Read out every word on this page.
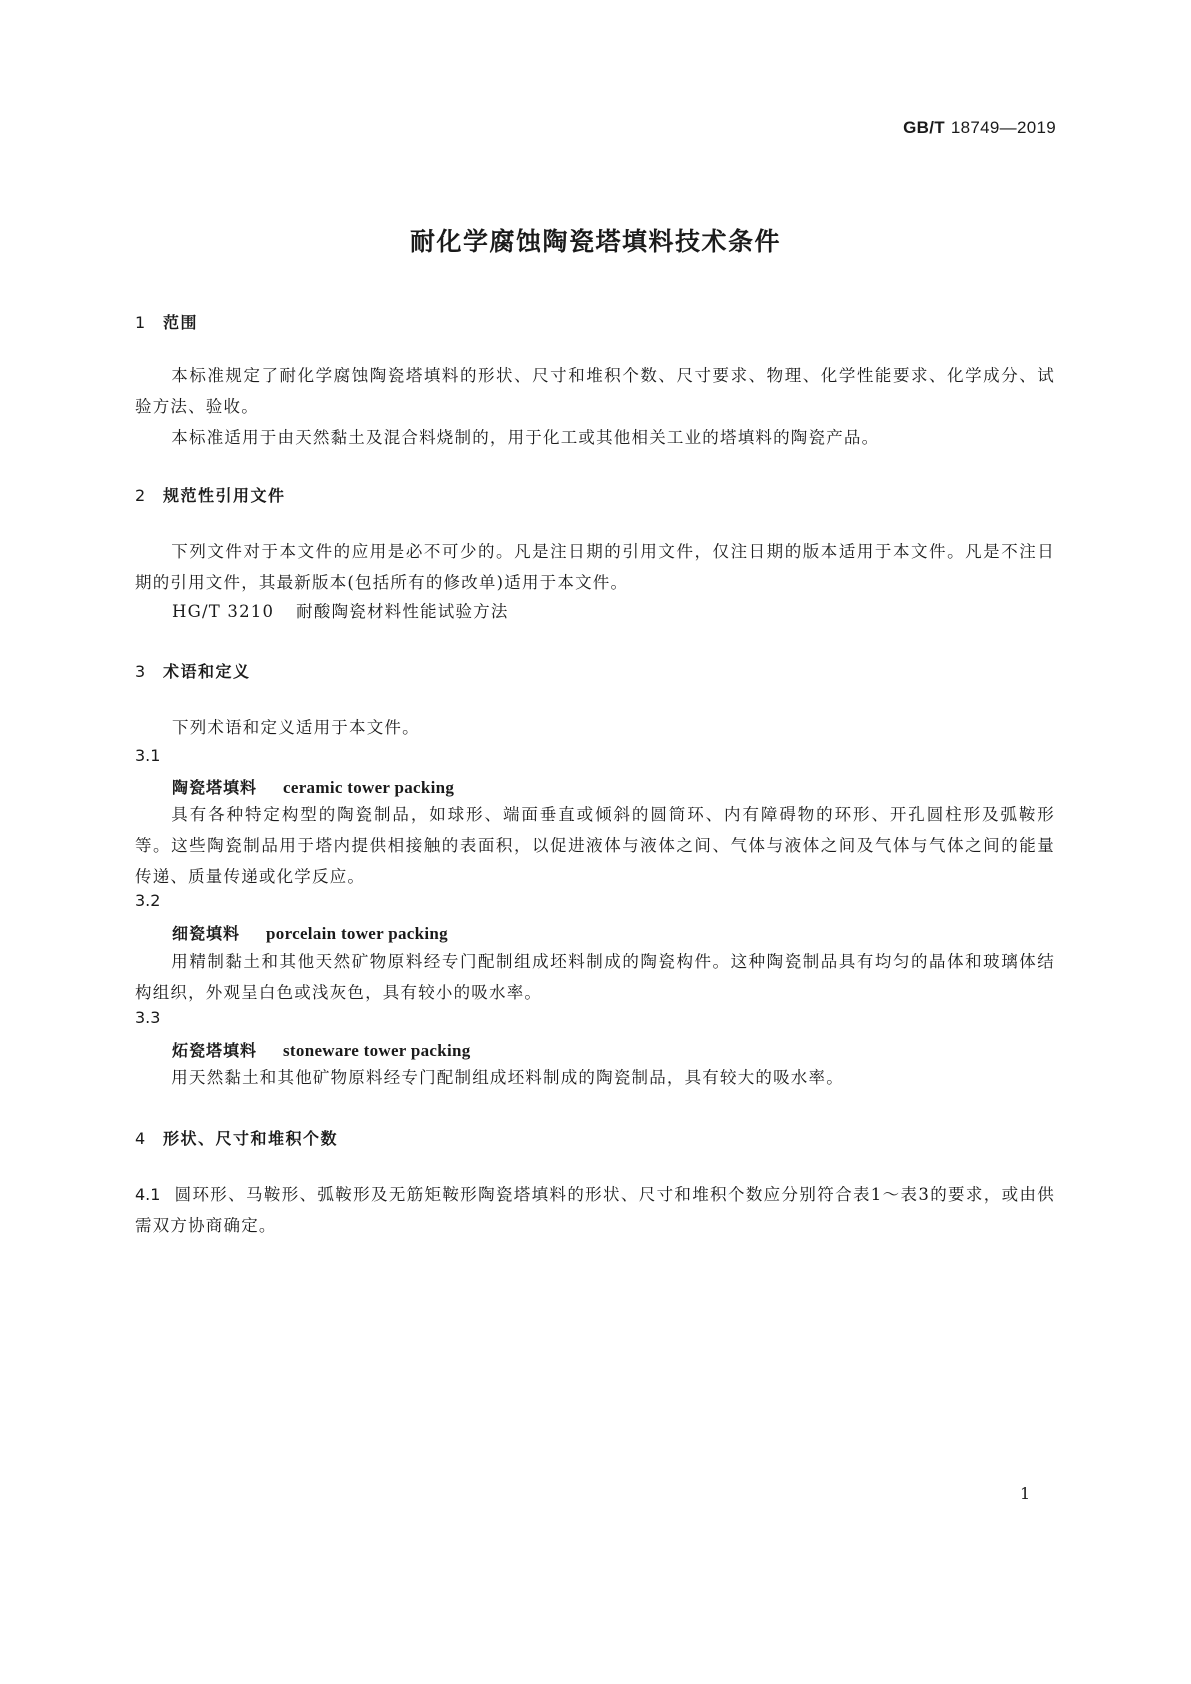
GB/T 18749—2019
耐化学腐蚀陶瓷塔填料技术条件
1 范围
本标准规定了耐化学腐蚀陶瓷塔填料的形状、尺寸和堆积个数、尺寸要求、物理、化学性能要求、化学成分、试验方法、验收。
本标准适用于由天然黏土及混合料烧制的，用于化工或其他相关工业的塔填料的陶瓷产品。
2 规范性引用文件
下列文件对于本文件的应用是必不可少的。凡是注日期的引用文件，仅注日期的版本适用于本文件。凡是不注日期的引用文件，其最新版本(包括所有的修改单)适用于本文件。
HG/T 3210 耐酸陶瓷材料性能试验方法
3 术语和定义
下列术语和定义适用于本文件。
3.1
陶瓷塔填料 ceramic tower packing
具有各种特定构型的陶瓷制品，如球形、端面垂直或倾斜的圆筒环、内有障碍物的环形、开孔圆柱形及弧鞍形等。这些陶瓷制品用于塔内提供相接触的表面积，以促进液体与液体之间、气体与液体之间及气体与气体之间的能量传递、质量传递或化学反应。
3.2
细瓷填料 porcelain tower packing
用精制黏土和其他天然矿物原料经专门配制组成坯料制成的陶瓷构件。这种陶瓷制品具有均匀的晶体和玻璃体结构组织，外观呈白色或浅灰色，具有较小的吸水率。
3.3
炻瓷塔填料 stoneware tower packing
用天然黏土和其他矿物原料经专门配制组成坯料制成的陶瓷制品，具有较大的吸水率。
4 形状、尺寸和堆积个数
4.1 圆环形、马鞍形、弧鞍形及无筋矩鞍形陶瓷塔填料的形状、尺寸和堆积个数应分别符合表1～表3的要求，或由供需双方协商确定。
1
